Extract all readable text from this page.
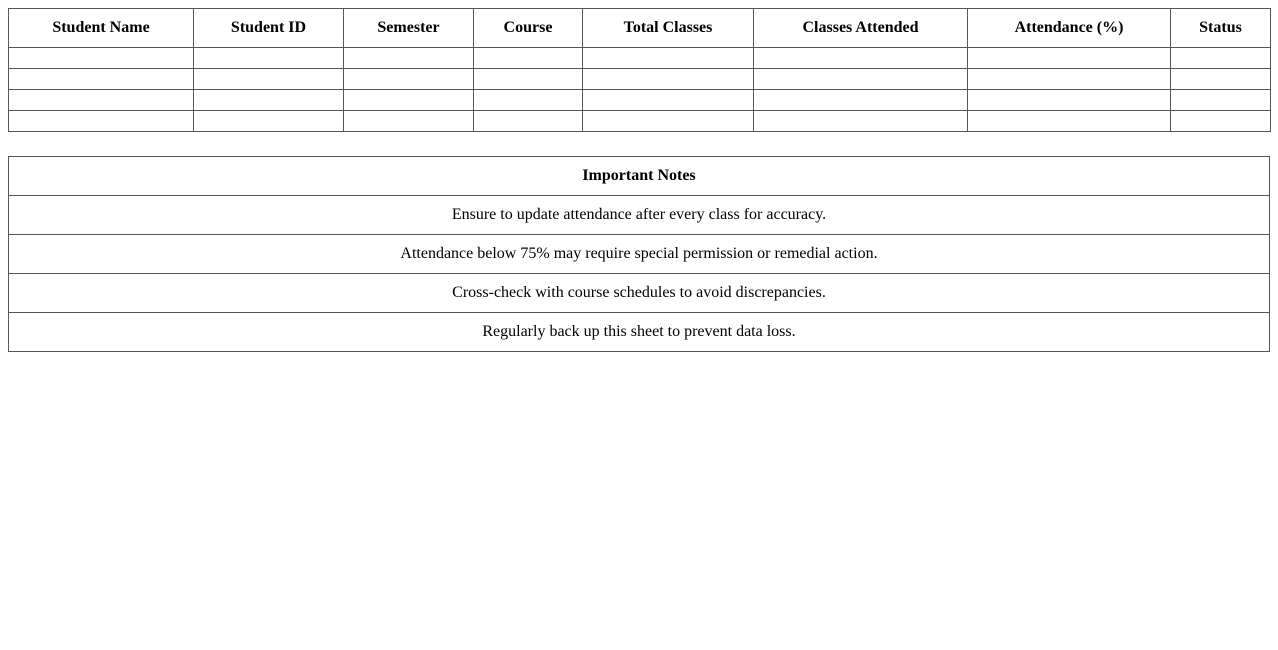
Student Name	Student ID	Semester	Course	Total Classes	Classes Attended	Attendance (%)	Status

Important Notes
Ensure to update attendance after every class for accuracy.
Attendance below 75% may require special permission or remedial action.
Cross-check with course schedules to avoid discrepancies.
Regularly back up this sheet to prevent data loss.
